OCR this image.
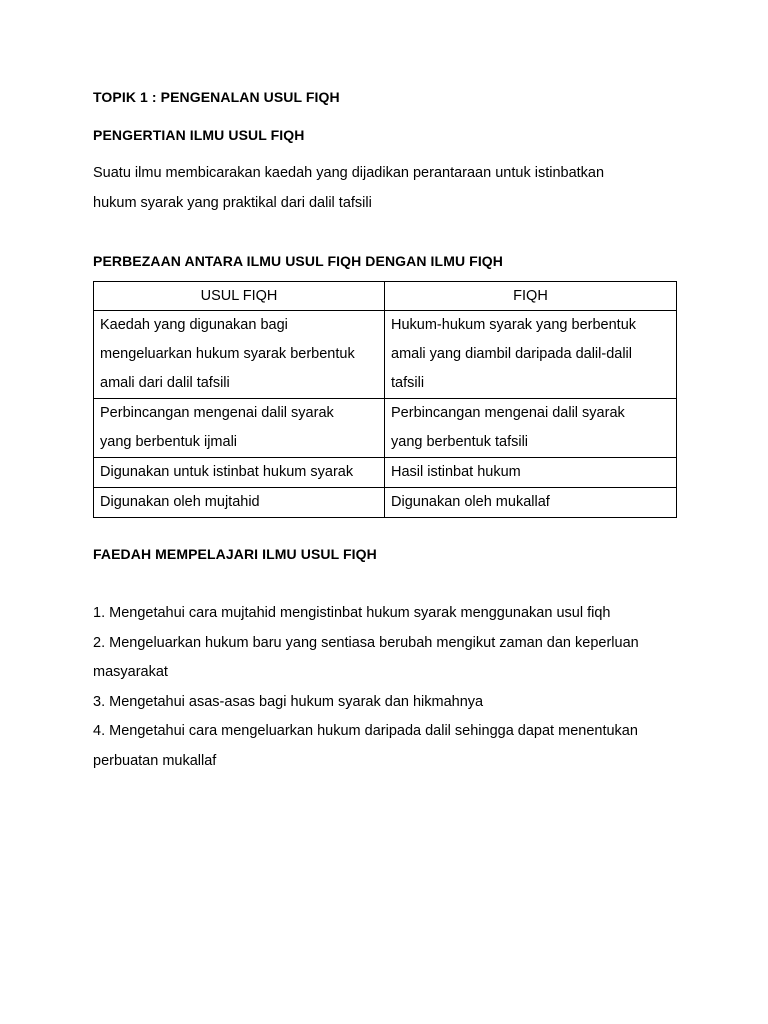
TOPIK 1 : PENGENALAN USUL FIQH
PENGERTIAN ILMU USUL FIQH
Suatu ilmu membicarakan kaedah yang dijadikan perantaraan untuk istinbatkan
hukum syarak yang praktikal dari dalil tafsili
PERBEZAAN ANTARA ILMU USUL FIQH DENGAN ILMU FIQH
USUL FIQH	FIQH

Kaedah yang digunakan bagi
mengeluarkan hukum syarak berbentuk
amali dari dalil tafsili	Hukum-hukum syarak yang berbentuk
amali yang diambil daripada dalil-dalil
tafsili

Perbincangan mengenai dalil syarak
yang berbentuk ijmali	Perbincangan mengenai dalil syarak
yang berbentuk tafsili

Digunakan untuk istinbat hukum syarak	Hasil istinbat hukum

Digunakan oleh mujtahid	Digunakan oleh mukallaf
FAEDAH MEMPELAJARI ILMU USUL FIQH
1. Mengetahui cara mujtahid mengistinbat hukum syarak menggunakan usul fiqh
2. Mengeluarkan hukum baru yang sentiasa berubah mengikut zaman dan keperluan
masyarakat
3. Mengetahui asas-asas bagi hukum syarak dan hikmahnya
4. Mengetahui cara mengeluarkan hukum daripada dalil sehingga dapat menentukan
perbuatan mukallaf
